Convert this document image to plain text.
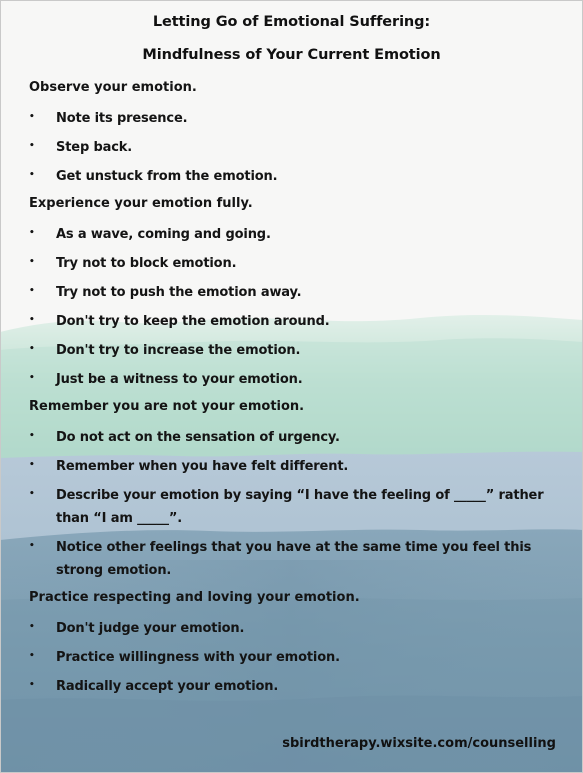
Letting Go of Emotional Suffering:
Mindfulness of Your Current Emotion
Observe your emotion.
•	Note its presence.
•	Step back.
•	Get unstuck from the emotion.
Experience your emotion fully.
•	As a wave, coming and going.
•	Try not to block emotion.
•	Try not to push the emotion away.
•	Don't try to keep the emotion around.
•	Don't try to increase the emotion.
•	Just be a witness to your emotion.
Remember you are not your emotion.
•	Do not act on the sensation of urgency.
•	Remember when you have felt different.
•	Describe your emotion by saying “I have the feeling of _____” rather than “I am _____”.
•	Notice other feelings that you have at the same time you feel this strong emotion.
Practice respecting and loving your emotion.
•	Don't judge your emotion.
•	Practice willingness with your emotion.
•	Radically accept your emotion.
sbirdtherapy.wixsite.com/counselling
